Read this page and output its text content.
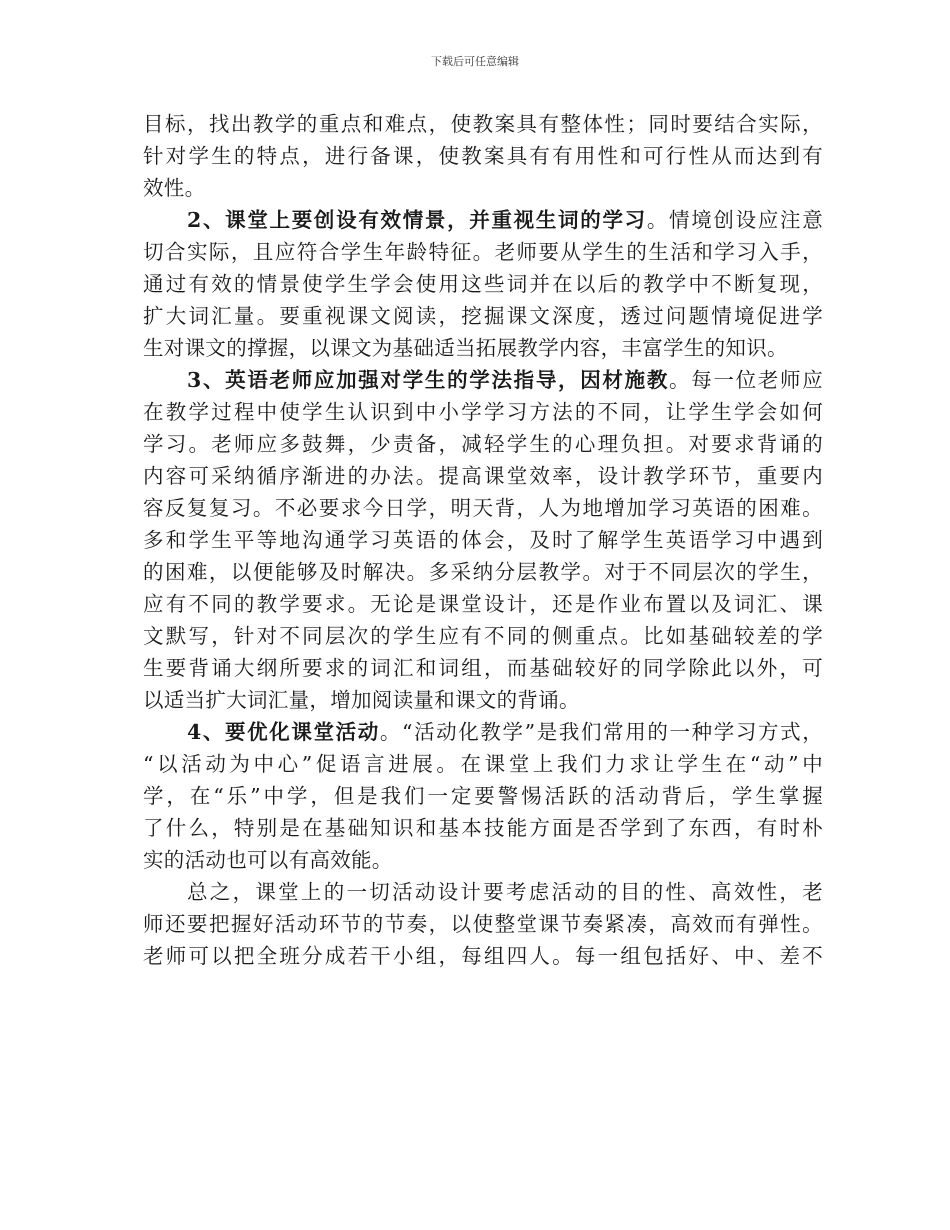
下载后可任意编辑

目标，找出教学的重点和难点，使教案具有整体性；同时要结合实际，
针对学生的特点，进行备课，使教案具有有用性和可行性从而达到有
效性。

2、课堂上要创设有效情景，并重视生词的学习。情境创设应注意
切合实际，且应符合学生年龄特征。老师要从学生的生活和学习入手，
通过有效的情景使学生学会使用这些词并在以后的教学中不断复现，
扩大词汇量。要重视课文阅读，挖掘课文深度，透过问题情境促进学
生对课文的撑握，以课文为基础适当拓展教学内容，丰富学生的知识。

3、英语老师应加强对学生的学法指导，因材施教。每一位老师应
在教学过程中使学生认识到中小学学习方法的不同，让学生学会如何
学习。老师应多鼓舞，少责备，减轻学生的心理负担。对要求背诵的
内容可采纳循序渐进的办法。提高课堂效率，设计教学环节，重要内
容反复复习。不必要求今日学，明天背，人为地增加学习英语的困难。
多和学生平等地沟通学习英语的体会，及时了解学生英语学习中遇到
的困难，以便能够及时解决。多采纳分层教学。对于不同层次的学生，
应有不同的教学要求。无论是课堂设计，还是作业布置以及词汇、课
文默写，针对不同层次的学生应有不同的侧重点。比如基础较差的学
生要背诵大纲所要求的词汇和词组，而基础较好的同学除此以外，可
以适当扩大词汇量，增加阅读量和课文的背诵。

4、要优化课堂活动。“活动化教学”是我们常用的一种学习方式，
“以活动为中心”促语言进展。在课堂上我们力求让学生在“动”中
学，在“乐”中学，但是我们一定要警惕活跃的活动背后，学生掌握
了什么，特别是在基础知识和基本技能方面是否学到了东西，有时朴
实的活动也可以有高效能。

总之，课堂上的一切活动设计要考虑活动的目的性、高效性，老
师还要把握好活动环节的节奏，以使整堂课节奏紧凑，高效而有弹性。
老师可以把全班分成若干小组，每组四人。每一组包括好、中、差不
